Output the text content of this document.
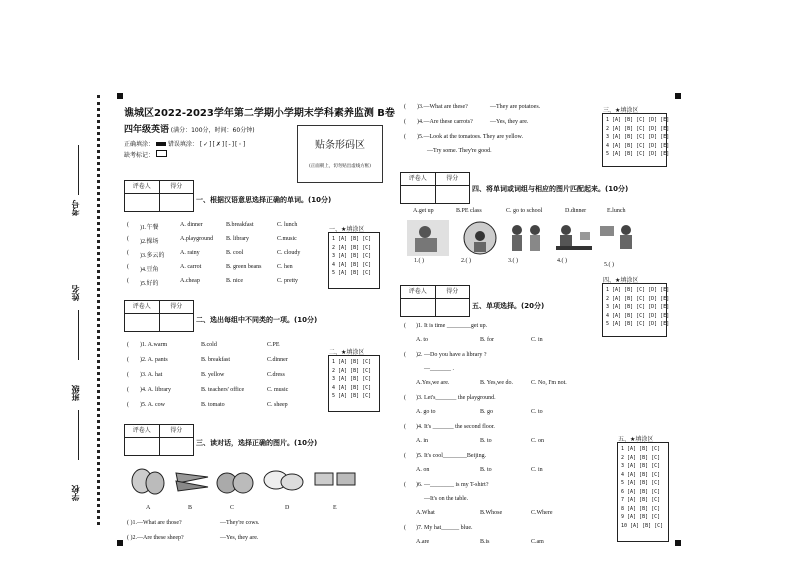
考号
姓名
班级
学校
谯城区2022-2023学年第二学期小学期末学科素养监测 B卷
四年级英语 (满分：100分，时间：60分钟)
正确填涂： 错误填涂： [✓][✗][-][◦]
缺考标记：
贴条形码区
(正面朝上，切勿贴出虚线方框)
评卷人	得分
一、根据汉语意思选择正确的单词。(10分)
( )1.午餐	A. dinner	B.breakfast	C. lunch
( )2.操场	A.playground B. library	C.music
( )3.多云的	A. rainy	B. cool	C. cloudy
( )4.豆角	A. carrot	B. green beans	C. hen
( )5.好的	A.cheap	B. nice	C. pretty
一、★填涂区
1 [A] [B] [C]
2 [A] [B] [C]
3 [A] [B] [C]
4 [A] [B] [C]
5 [A] [B] [C]
评卷人	得分
二、选出每组中不同类的一项。(10分)
( )1. A.warm	B.cold	C.PE
( )2. A. pants	B. breakfast	C.dinner
( )3. A. hat	B. yellow	C.dress
( )4. A. library	B. teachers' office	C. music
( )5. A. cow	B. tomato	C. sheep
二、★填涂区
1 [A] [B] [C]
2 [A] [B] [C]
3 [A] [B] [C]
4 [A] [B] [C]
5 [A] [B] [C]
评卷人	得分
三、读对话，选择正确的图片。(10分)
A	B	C	D	E
( )1.—What are those?	—They're cows.
( )2.—Are these sheep?	—Yes, they are.
( )3.—What are these?	—They are potatoes.
( )4.—Are these carrots?	—Yes, they are.
( )5.—Look at the tomatoes. They are yellow.
—Try some. They're good.
三、★填涂区
1 [A] [B] [C] [D] [E]
2 [A] [B] [C] [D] [E]
3 [A] [B] [C] [D] [E]
4 [A] [B] [C] [D] [E]
5 [A] [B] [C] [D] [E]
评卷人	得分
四、将单词或词组与相应的图片匹配起来。(10分)
A.get up	B.PE class	C. go to school	D.dinner	E.lunch
1.( )	2.( )	3.( )	4.( )
5.( )
四、★填涂区
1 [A] [B] [C] [D] [E]
2 [A] [B] [C] [D] [E]
3 [A] [B] [C] [D] [E]
4 [A] [B] [C] [D] [E]
5 [A] [B] [C] [D] [E]
评卷人	得分
五、单项选择。(20分)
( )1. It is time ________get up.
A. to	B. for	C. in
( )2. —Do you have a library ?
—_______ .
A.Yes,we are.	B. Yes,we do.	C. No, I'm not.
( )3. Let's_______ the playground.
A. go to	B. go	C. to
( )4. It's _______ the second floor.
A. in	B. to	C. on
( )5. It's cool________Beijing.
A. on	B. to	C. in
( )6. —________ is my T-shirt?
—It's on the table.
A.What	B.Whose	C.Where
( )7. My hat______ blue.
A.are	B.is	C.am
五、★填涂区
1 [A] [B] [C]
2 [A] [B] [C]
3 [A] [B] [C]
4 [A] [B] [C]
5 [A] [B] [C]
6 [A] [B] [C]
7 [A] [B] [C]
8 [A] [B] [C]
9 [A] [B] [C]
10 [A] [B] [C]
